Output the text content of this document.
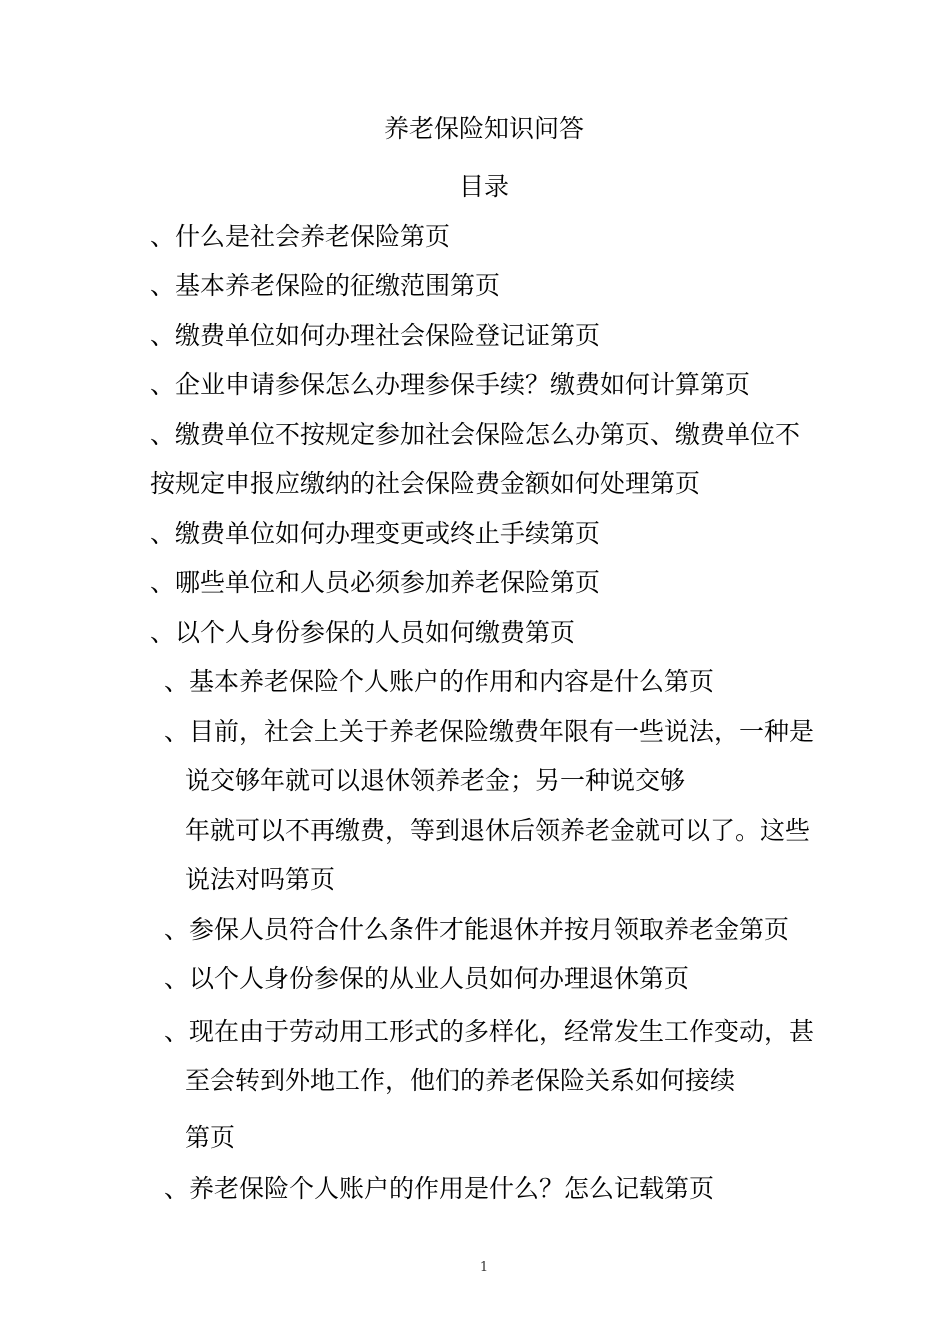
养老保险知识问答
目录
、什么是社会养老保险第页
、基本养老保险的征缴范围第页
、缴费单位如何办理社会保险登记证第页
、企业申请参保怎么办理参保手续？缴费如何计算第页
、缴费单位不按规定参加社会保险怎么办第页、缴费单位不
按规定申报应缴纳的社会保险费金额如何处理第页
、缴费单位如何办理变更或终止手续第页
、哪些单位和人员必须参加养老保险第页
、以个人身份参保的人员如何缴费第页
、基本养老保险个人账户的作用和内容是什么第页
、目前，社会上关于养老保险缴费年限有一些说法，一种是
说交够年就可以退休领养老金；另一种说交够
年就可以不再缴费，等到退休后领养老金就可以了。这些
说法对吗第页
、参保人员符合什么条件才能退休并按月领取养老金第页
、以个人身份参保的从业人员如何办理退休第页
、现在由于劳动用工形式的多样化，经常发生工作变动，甚
至会转到外地工作，他们的养老保险关系如何接续
第页
、养老保险个人账户的作用是什么？怎么记载第页
1
